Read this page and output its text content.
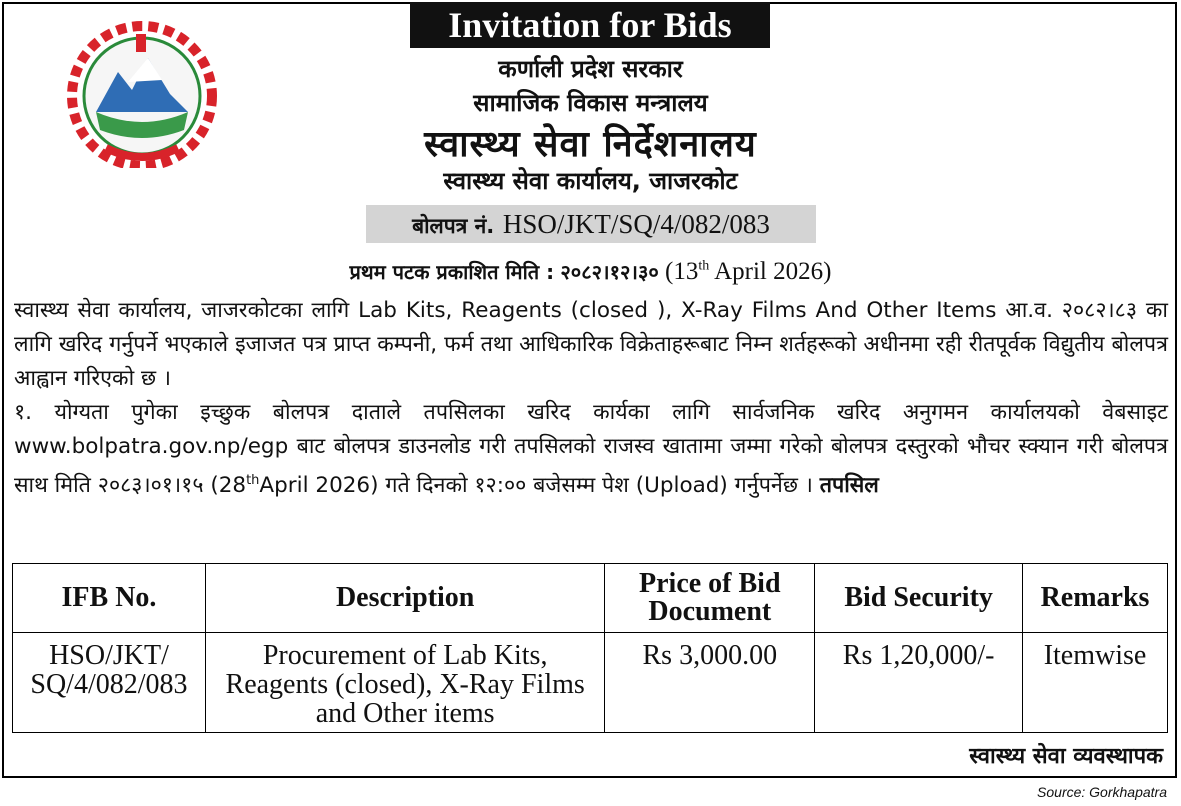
Invitation for Bids
कर्णाली प्रदेश सरकार
सामाजिक विकास मन्त्रालय
स्वास्थ्य सेवा निर्देशनालय
स्वास्थ्य सेवा कार्यालय, जाजरकोट
बोलपत्र नं. HSO/JKT/SQ/4/082/083
प्रथम पटक प्रकाशित मिति : २०८२।१२।३० (13th April 2026)

स्वास्थ्य सेवा कार्यालय, जाजरकोटका लागि Lab Kits, Reagents (closed ), X-Ray Films And Other Items आ.व. २०८२।८३ का लागि खरिद गर्नुपर्ने भएकाले इजाजत पत्र प्राप्त कम्पनी, फर्म तथा आधिकारिक विक्रेताहरूबाट निम्न शर्तहरूको अधीनमा रही रीतपूर्वक विद्युतीय बोलपत्र आह्वान गरिएको छ ।

१. योग्यता पुगेका इच्छुक बोलपत्र दाताले तपसिलका खरिद कार्यका लागि सार्वजनिक खरिद अनुगमन कार्यालयको वेबसाइट www.bolpatra.gov.np/egp बाट बोलपत्र डाउनलोड गरी तपसिलको राजस्व खातामा जम्मा गरेको बोलपत्र दस्तुरको भौचर स्क्यान गरी बोलपत्र साथ मिति २०८३।०१।१५ (28thApril 2026) गते दिनको १२:०० बजेसम्म पेश (Upload) गर्नुपर्नेछ । तपसिल

IFB No.	Description	Price of Bid Document	Bid Security	Remarks
HSO/JKT/ SQ/4/082/083	Procurement of Lab Kits, Reagents (closed), X-Ray Films and Other items	Rs 3,000.00	Rs 1,20,000/-	Itemwise
स्वास्थ्य सेवा व्यवस्थापक
Source: Gorkhapatra
